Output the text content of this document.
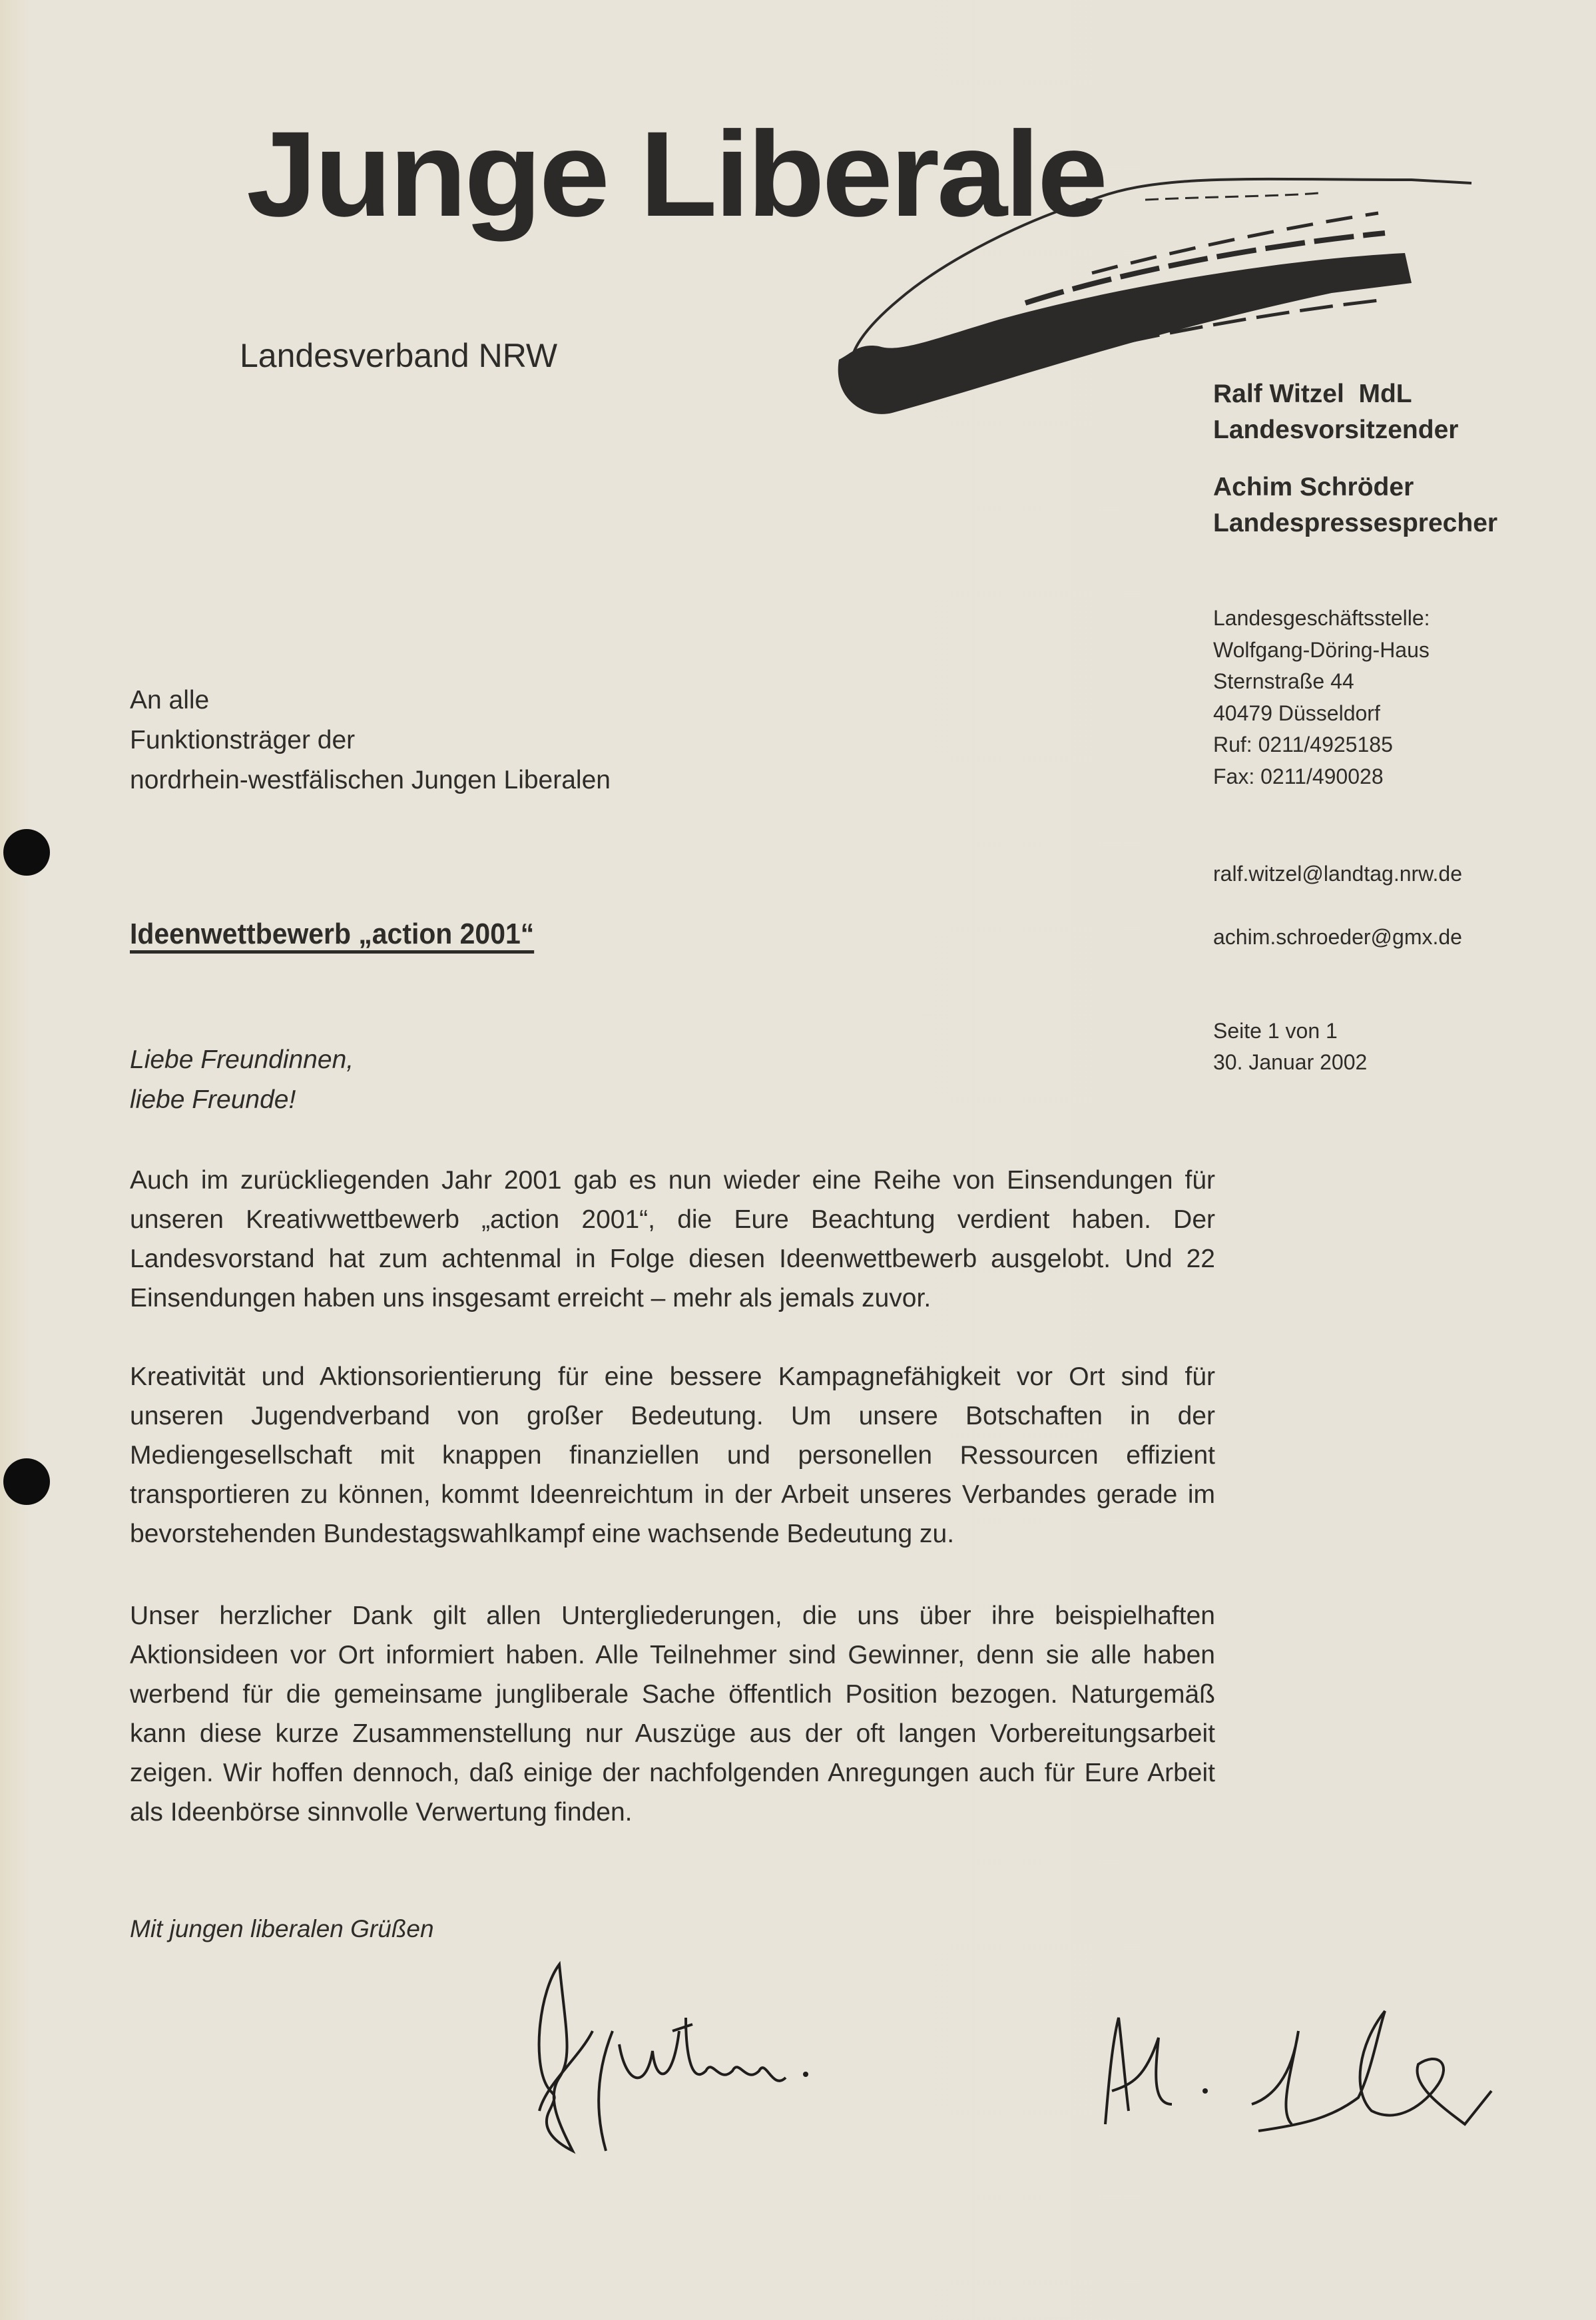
Junge Liberale
Landesverband NRW
Ralf Witzel  MdL
Landesvorsitzender
Achim Schröder
Landespressesprecher
Landesgeschäftsstelle:
Wolfgang-Döring-Haus
Sternstraße 44
40479 Düsseldorf
Ruf: 0211/4925185
Fax: 0211/490028
ralf.witzel@landtag.nrw.de
achim.schroeder@gmx.de
Seite 1 von 1
30. Januar 2002
An alle
Funktionsträger der
nordrhein-westfälischen Jungen Liberalen
Ideenwettbewerb „action 2001“
Liebe Freundinnen,
liebe Freunde!
Auch im zurückliegenden Jahr 2001 gab es nun wieder eine Reihe von Einsendungen für unseren Kreativwettbewerb „action 2001“, die Eure Beachtung verdient haben. Der Landesvorstand hat zum achtenmal in Folge diesen Ideenwettbewerb ausgelobt. Und 22 Einsendungen haben uns insgesamt erreicht – mehr als jemals zuvor.
Kreativität und Aktionsorientierung für eine bessere Kampagnefähigkeit vor Ort sind für unseren Jugendverband von großer Bedeutung. Um unsere Botschaften in der Mediengesellschaft mit knappen finanziellen und personellen Ressourcen effizient transportieren zu können, kommt Ideenreichtum in der Arbeit unseres Verbandes gerade im bevorstehenden Bundestagswahlkampf eine wachsende Bedeutung zu.
Unser herzlicher Dank gilt allen Untergliederungen, die uns über ihre beispielhaften Aktionsideen vor Ort informiert haben. Alle Teilnehmer sind Gewinner, denn sie alle haben werbend für die gemeinsame jungliberale Sache öffentlich Position bezogen. Naturgemäß kann diese kurze Zusammenstellung nur Auszüge aus der oft langen Vorbereitungsarbeit zeigen. Wir hoffen dennoch, daß einige der nachfolgenden Anregungen auch für Eure Arbeit als Ideenbörse sinnvolle Verwertung finden.
Mit jungen liberalen Grüßen
